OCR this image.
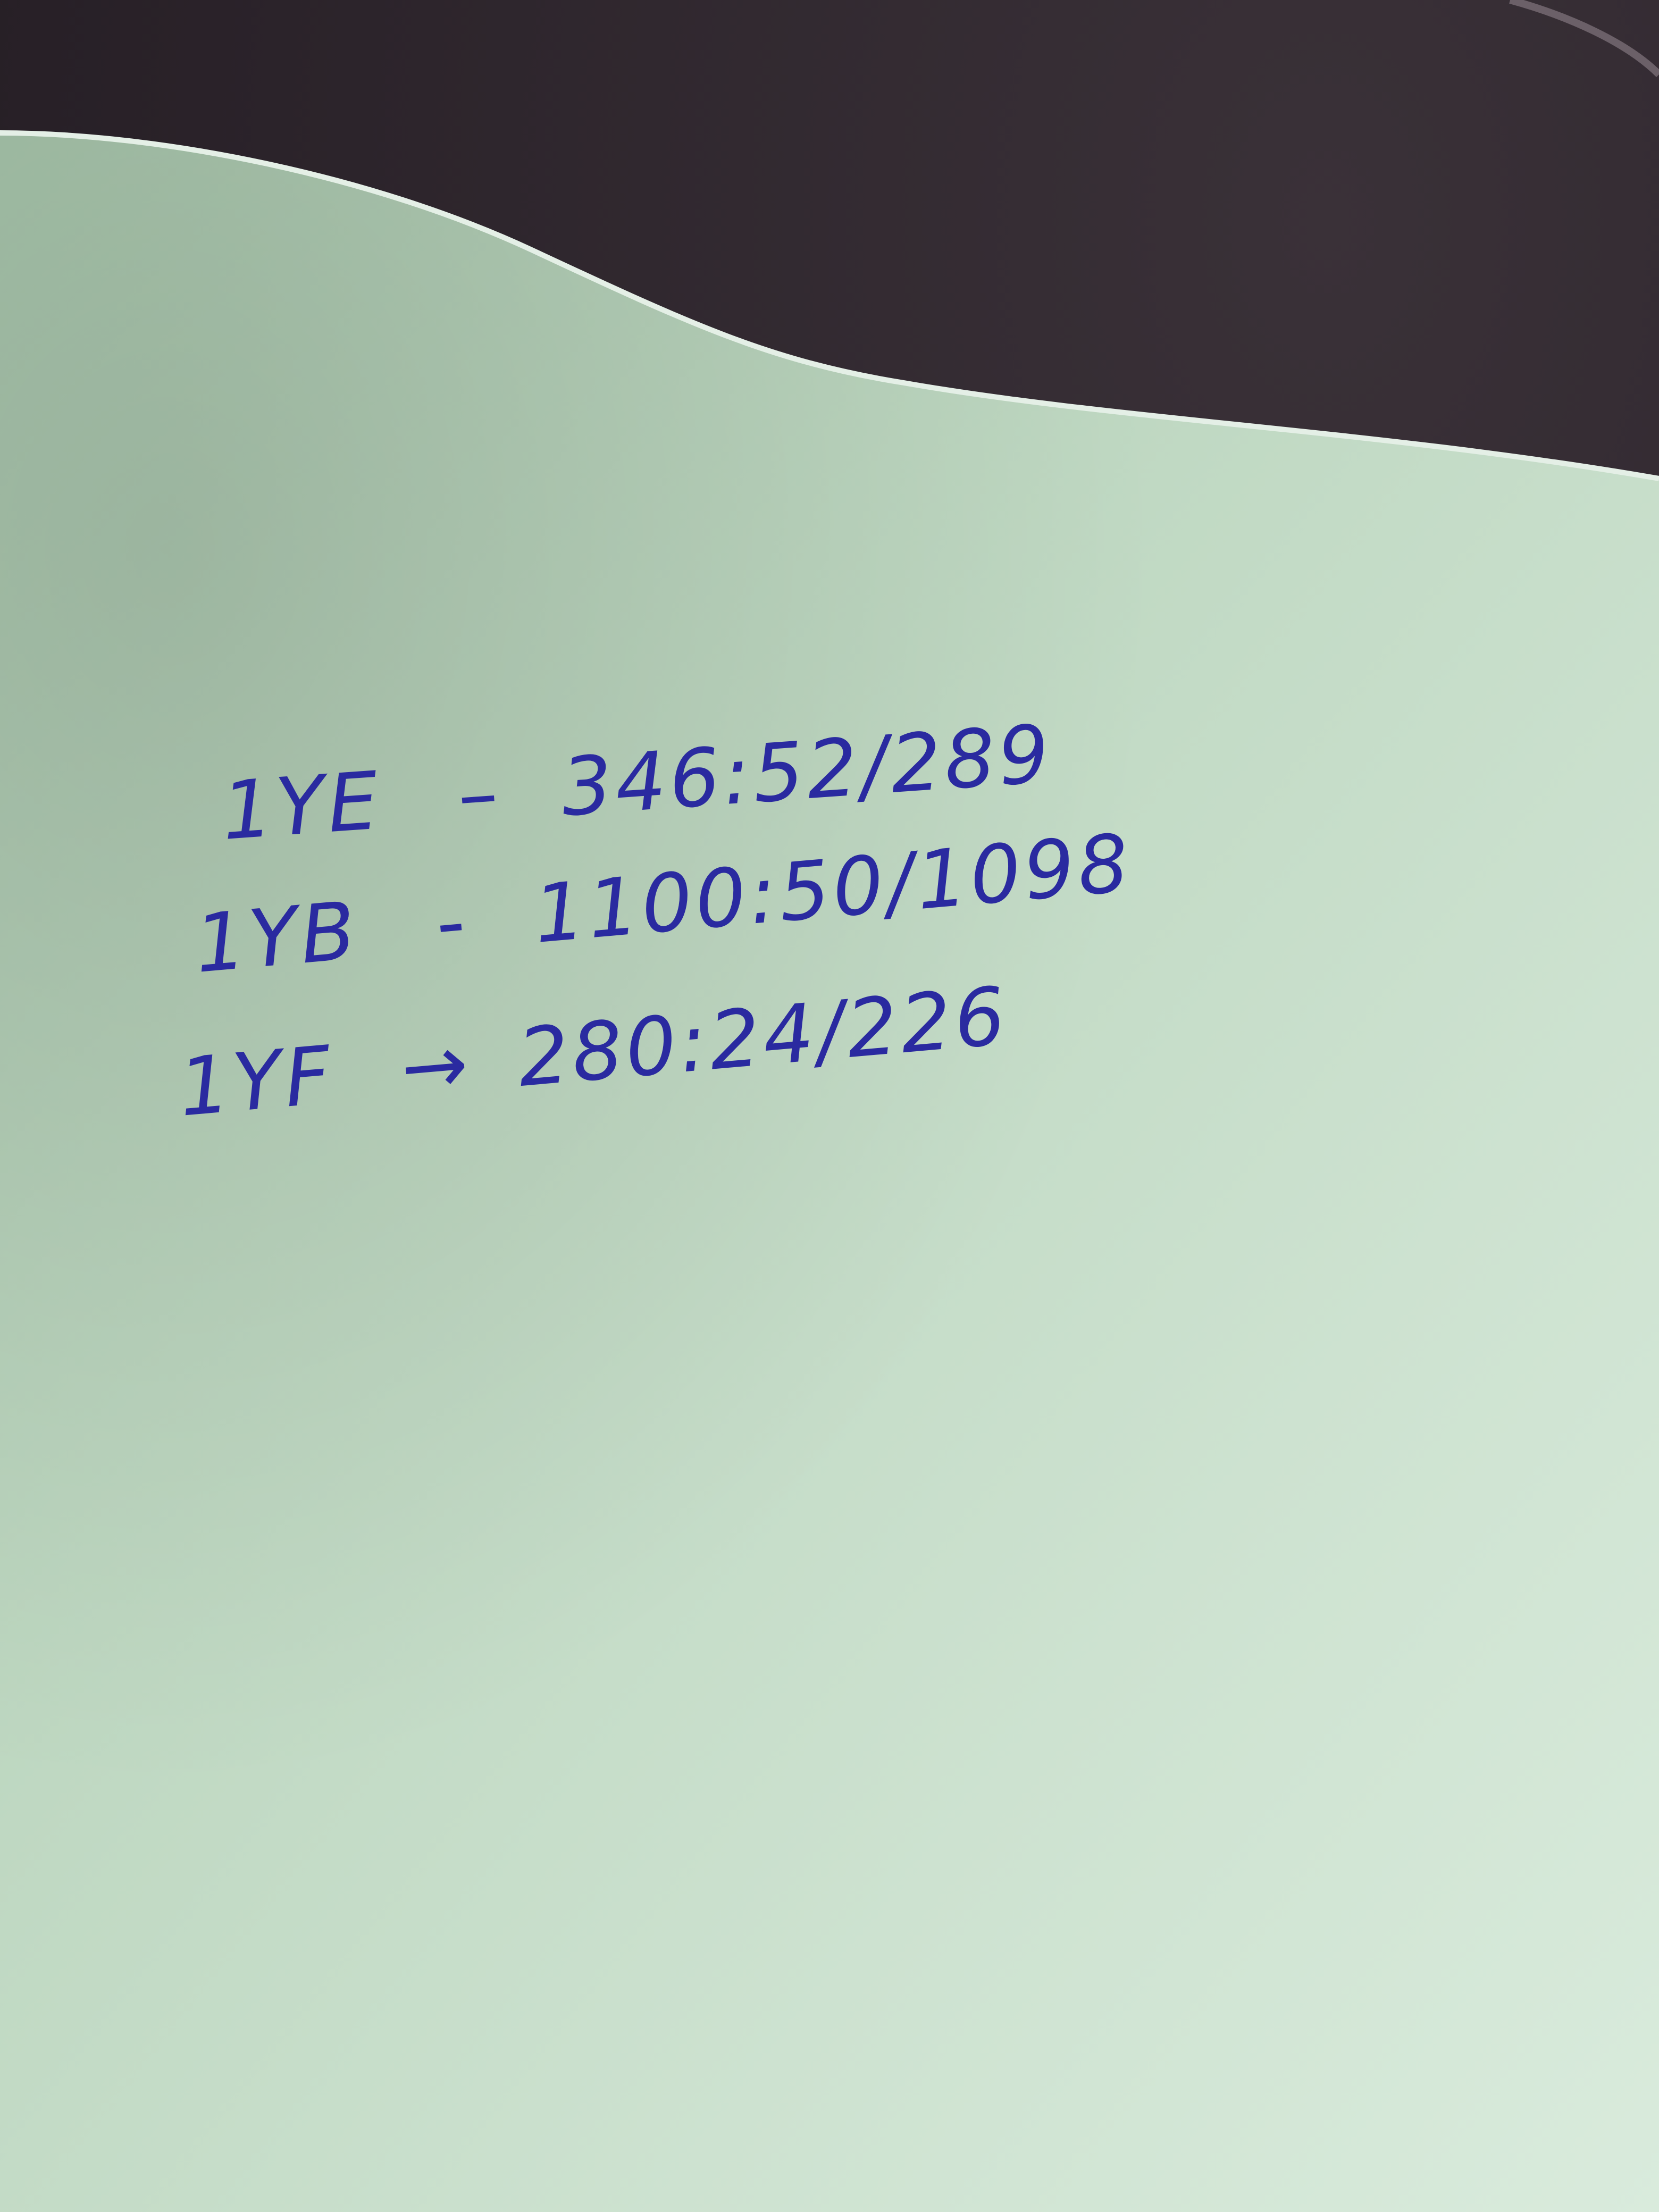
1YE – 346:52/289
1YB - 1100:50/1098
1YF → 280:24/226
